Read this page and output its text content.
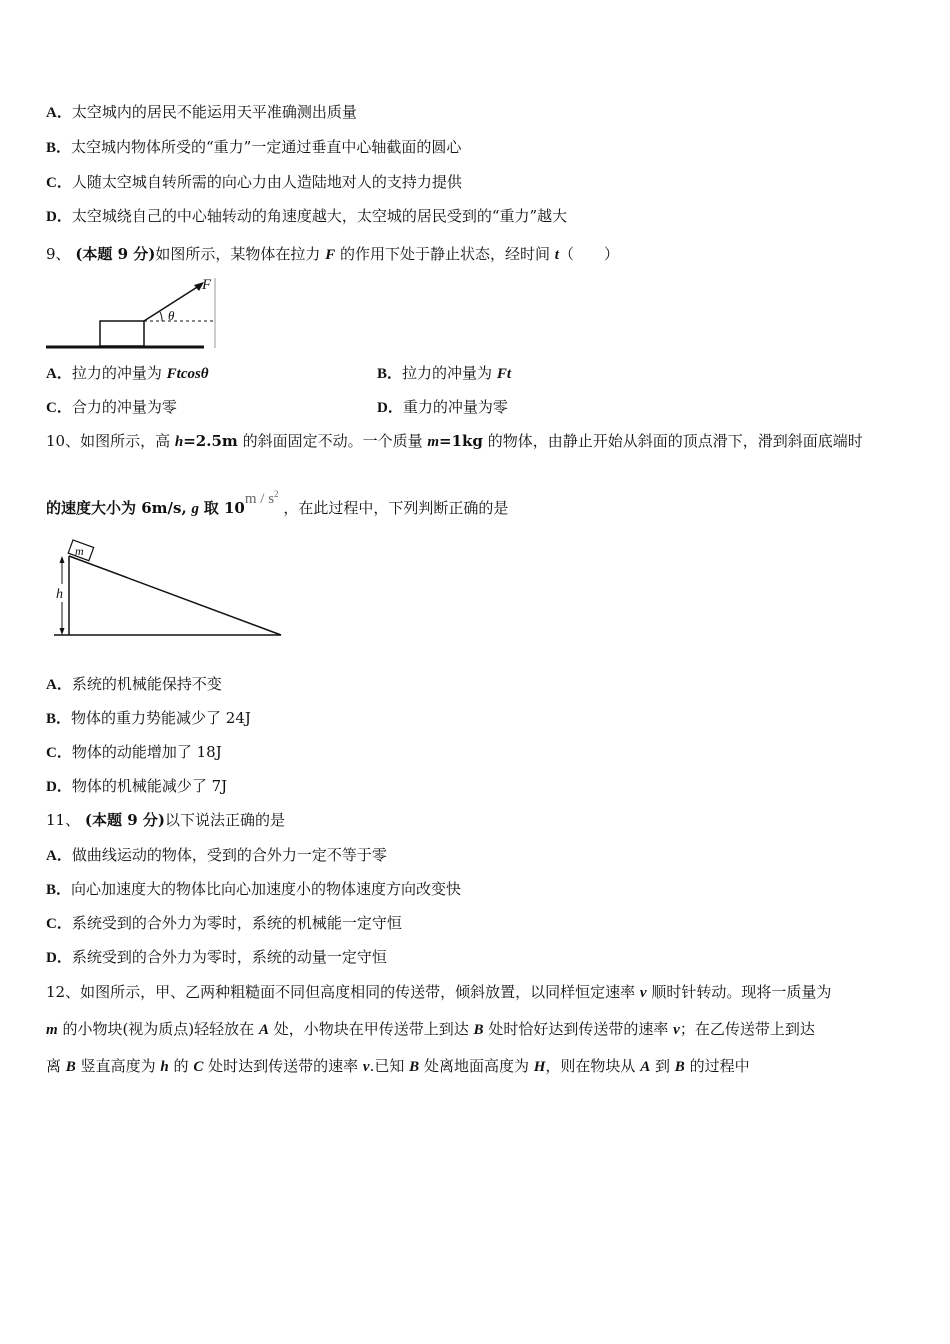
A．太空城内的居民不能运用天平准确测出质量
B．太空城内物体所受的“重力”一定通过垂直中心轴截面的圆心
C．人随太空城自转所需的向心力由人造陆地对人的支持力提供
D．太空城绕自己的中心轴转动的角速度越大，太空城的居民受到的“重力”越大
9、 (本题 9 分)如图所示，某物体在拉力 F 的作用下处于静止状态，经时间 t（　　）
F
θ
A．拉力的冲量为 Ftcosθ	B．拉力的冲量为 Ft
C．合力的冲量为零	D．重力的冲量为零
10、如图所示，高 h=2.5m 的斜面固定不动。一个质量 m=1kg 的物体，由静止开始从斜面的顶点滑下，滑到斜面底端时
的速度大小为 6m/s, g 取 $10m / s^2$ ，在此过程中，下列判断正确的是
m
h
A．系统的机械能保持不变
B．物体的重力势能减少了 24J
C．物体的动能增加了 18J
D．物体的机械能减少了 7J
11、 (本题 9 分)以下说法正确的是
A．做曲线运动的物体，受到的合外力一定不等于零
B．向心加速度大的物体比向心加速度小的物体速度方向改变快
C．系统受到的合外力为零时，系统的机械能一定守恒
D．系统受到的合外力为零时，系统的动量一定守恒
12、如图所示，甲、乙两种粗糙面不同但高度相同的传送带，倾斜放置，以同样恒定速率 v 顺时针转动。现将一质量为
m 的小物块(视为质点)轻轻放在 A 处，小物块在甲传送带上到达 B 处时恰好达到传送带的速率 v；在乙传送带上到达
离 B 竖直高度为 h 的 C 处时达到传送带的速率 v.已知 B 处离地面高度为 H，则在物块从 A 到 B 的过程中
